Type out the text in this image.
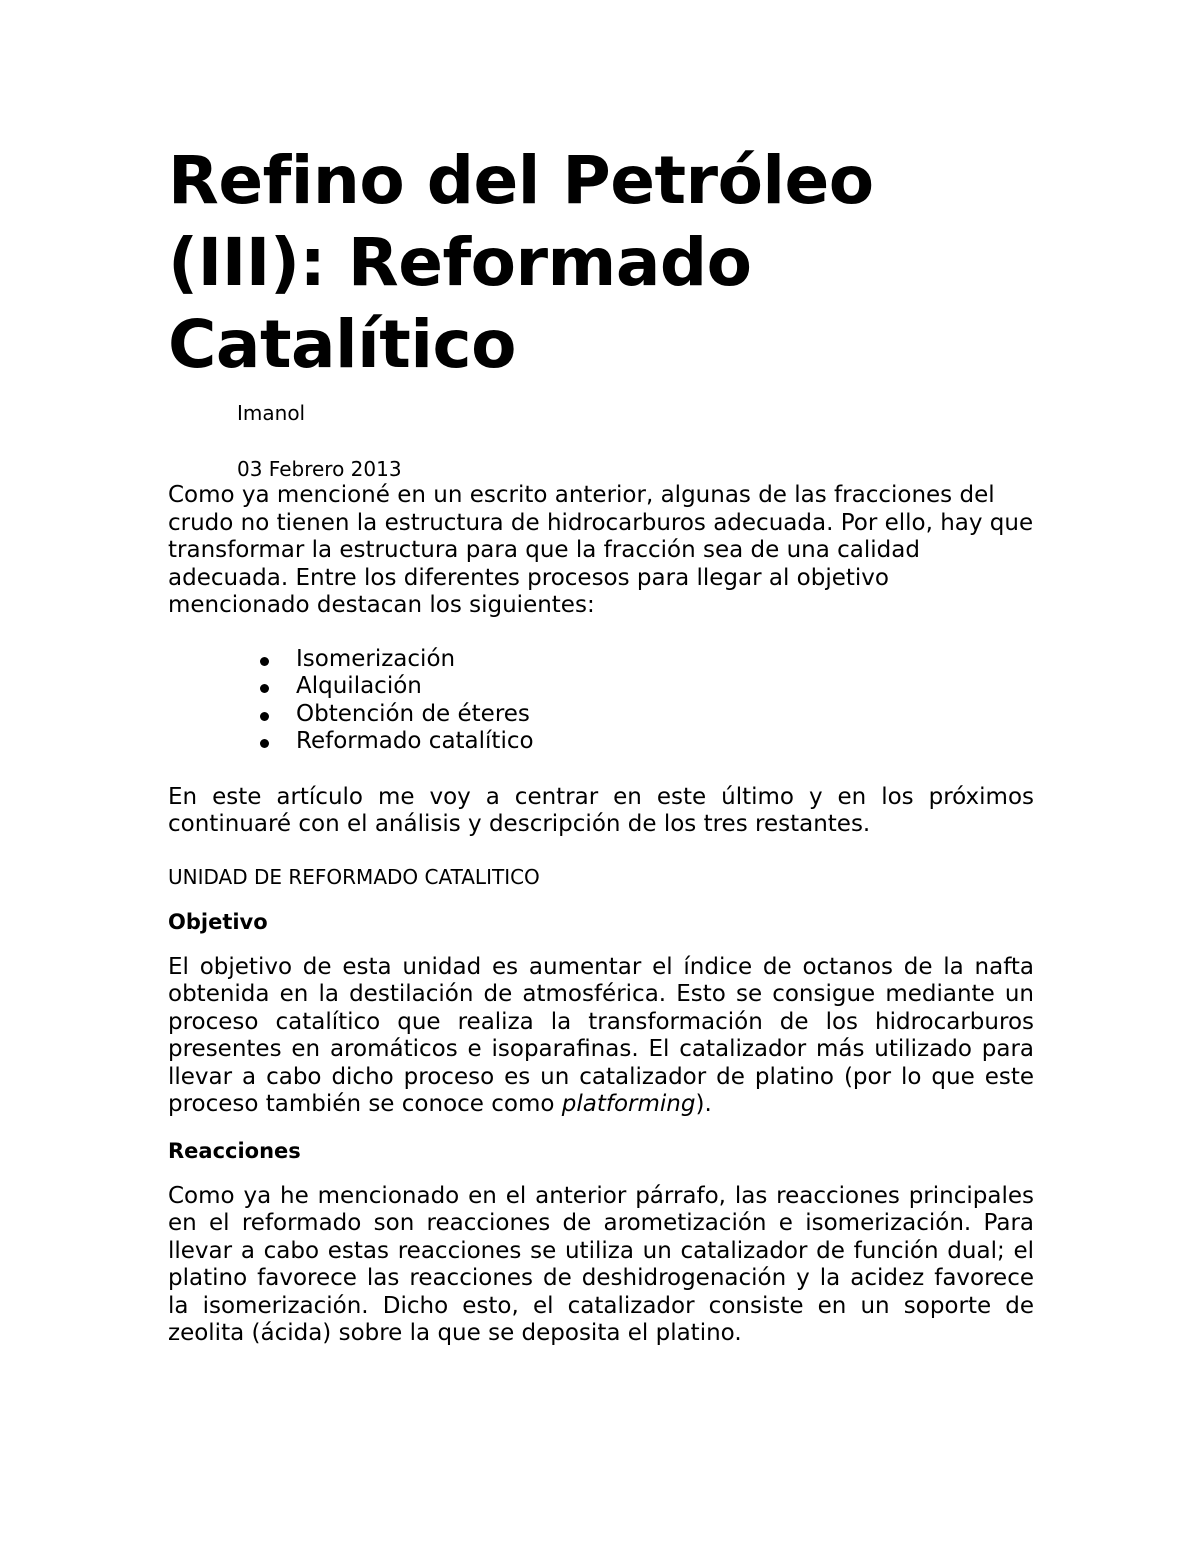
Refino del Petróleo (III): Reformado Catalítico
Imanol
03 Febrero 2013

Como ya mencioné en un escrito anterior, algunas de las fracciones del crudo no tienen la estructura de hidrocarburos adecuada. Por ello, hay que transformar la estructura para que la fracción sea de una calidad adecuada. Entre los diferentes procesos para llegar al objetivo mencionado destacan los siguientes:

Isomerización
Alquilación
Obtención de éteres
Reformado catalítico

En este artículo me voy a centrar en este último y en los próximos continuaré con el análisis y descripción de los tres restantes.

UNIDAD DE REFORMADO CATALITICO
Objetivo

El objetivo de esta unidad es aumentar el índice de octanos de la nafta obtenida en la destilación de atmosférica. Esto se consigue mediante un proceso catalítico que realiza la transformación de los hidrocarburos presentes en aromáticos e isoparafinas. El catalizador más utilizado para llevar a cabo dicho proceso es un catalizador de platino (por lo que este proceso también se conoce como platforming).

Reacciones

Como ya he mencionado en el anterior párrafo, las reacciones principales en el reformado son reacciones de arometización e isomerización. Para llevar a cabo estas reacciones se utiliza un catalizador de función dual; el platino favorece las reacciones de deshidrogenación y la acidez favorece la isomerización. Dicho esto, el catalizador consiste en un soporte de zeolita (ácida) sobre la que se deposita el platino.
